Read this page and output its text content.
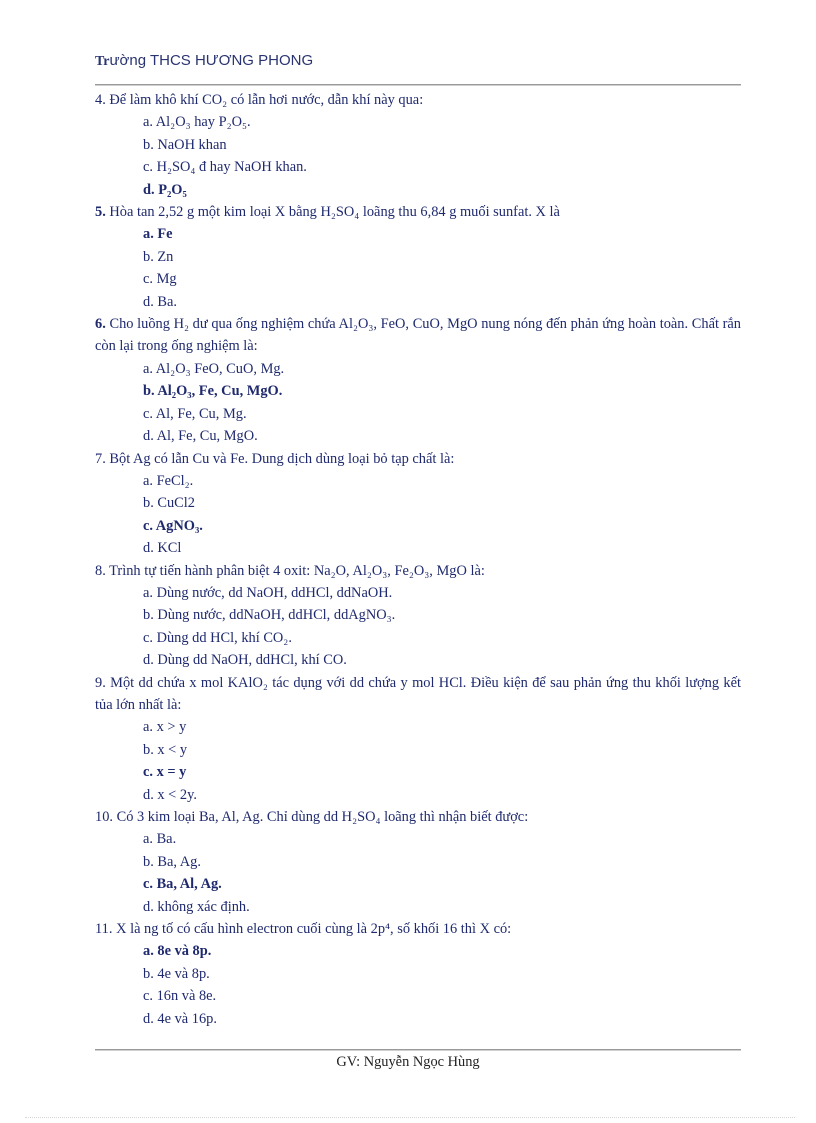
Trường THCS HƯƠNG PHONG

4. Để làm khô khí CO₂ có lẫn hơi nước, dẫn khí này qua:

a. Al₂O₃ hay P₂O₅.

b. NaOH khan

c. H₂SO₄ đ hay NaOH khan.

d. P₂O₅

5. Hòa tan 2,52 g một kim loại X bằng H₂SO₄ loãng thu 6,84 g muối sunfat. X là

a. Fe

b. Zn

c. Mg

d. Ba.

6. Cho luồng H₂ dư qua ống nghiệm chứa Al₂O₃, FeO, CuO, MgO nung nóng đến phản ứng hoàn toàn. Chất rắn còn lại trong ống nghiệm là:

a. Al₂O₃ FeO, CuO, Mg.

b. Al₂O₃, Fe, Cu, MgO.

c. Al, Fe, Cu, Mg.

d. Al, Fe, Cu, MgO.

7. Bột Ag có lẫn Cu và Fe. Dung dịch dùng loại bỏ tạp chất là:

a. FeCl₂.

b. CuCl2

c. AgNO₃.

d. KCl

8. Trình tự tiến hành phân biệt 4 oxit: Na₂O, Al₂O₃, Fe₂O₃, MgO là:

a. Dùng nước, dd NaOH, ddHCl, ddNaOH.

b. Dùng nước, ddNaOH, ddHCl, ddAgNO₃.

c. Dùng dd HCl, khí CO₂.

d. Dùng dd NaOH, ddHCl, khí CO.

9. Một dd chứa x mol KAlO₂ tác dụng với dd chứa y mol HCl. Điều kiện để sau phản ứng thu khối lượng kết tủa lớn nhất là:

a. x > y

b. x < y

c. x = y

d. x < 2y.

10. Có 3 kim loại Ba, Al, Ag. Chỉ dùng dd H₂SO₄ loãng thì nhận biết được:

a. Ba.

b. Ba, Ag.

c. Ba, Al, Ag.

d. không xác định.

11. X là ng tố có cấu hình electron cuối cùng là 2p⁴, số khối 16 thì X có:

a. 8e và 8p.

b. 4e và 8p.

c. 16n và 8e.

d. 4e và 16p.

GV: Nguyễn Ngọc Hùng
